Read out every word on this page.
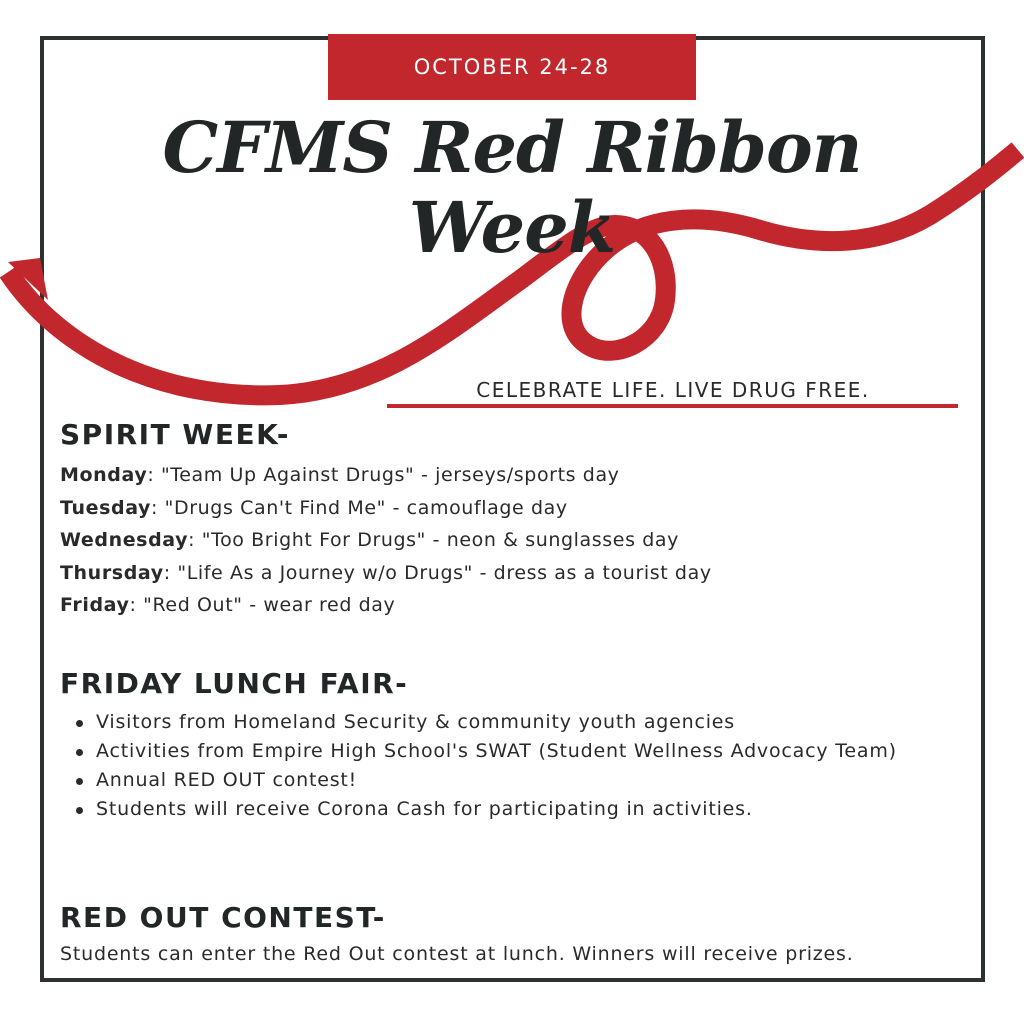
OCTOBER 24-28
CFMS Red Ribbon
Week
CELEBRATE LIFE. LIVE DRUG FREE.
SPIRIT WEEK-
Monday: "Team Up Against Drugs" - jerseys/sports day
Tuesday: "Drugs Can't Find Me" - camouflage day
Wednesday: "Too Bright For Drugs" - neon & sunglasses day
Thursday: "Life As a Journey w/o Drugs" - dress as a tourist day
Friday: "Red Out" - wear red day
FRIDAY LUNCH FAIR-
Visitors from Homeland Security & community youth agencies
Activities from Empire High School's SWAT (Student Wellness Advocacy Team)
Annual RED OUT contest!
Students will receive Corona Cash for participating in activities.
RED OUT CONTEST-

Students can enter the Red Out contest at lunch. Winners will receive prizes.
